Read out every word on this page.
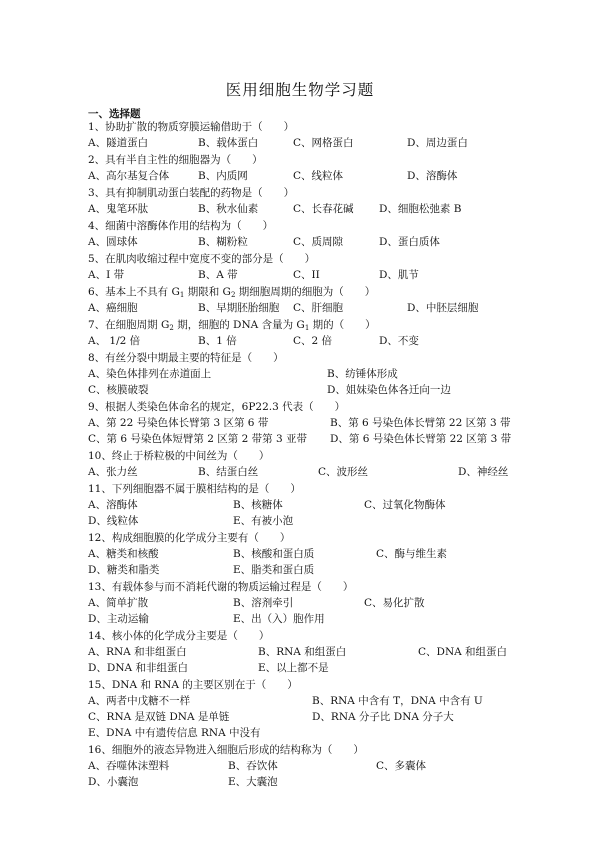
医用细胞生物学习题
一、选择题
1、协助扩散的物质穿膜运输借助于（　　）
A、隧道蛋白	B、载体蛋白	C、网格蛋白	D、周边蛋白
2、具有半自主性的细胞器为（　　）
A、高尔基复合体	B、内质网	C、线粒体	D、溶酶体
3、具有抑制肌动蛋白装配的药物是（　　）
A、鬼笔环肽	B、秋水仙素	C、长春花碱 D、细胞松弛素 B
4、细菌中溶酶体作用的结构为（　　）
A、圆球体	B、糊粉粒	C、质周隙	D、蛋白质体
5、在肌肉收缩过程中宽度不变的部分是（　　）
A、I 带	B、A 带	C、II	D、肌节
6、基本上不具有 $G_1$ 期限和 $G_2$ 期细胞周期的细胞为（　　）
A、癌细胞	B、早期胚胎细胞 C、肝细胞	D、中胚层细胞
7、在细胞周期 $G_2$ 期，细胞的 DNA 含量为 $G_1$ 期的（　　）
A、 1/2 倍	B、1 倍	C、2 倍	D、不变
8、有丝分裂中期最主要的特征是（　　）
A、染色体排列在赤道面上	B、纺锤体形成
C、核膜破裂	D、姐妹染色体各迁向一边
9、根据人类染色体命名的规定，6P22.3 代表（　　）
A、第 22 号染色体长臂第 3 区第 6 带	B、第 6 号染色体长臂第 22 区第 3 带
C、第 6 号染色体短臂第 2 区第 2 带第 3 亚带 D、第 6 号染色体长臂第 22 区第 3 带
10、终止于桥粒极的中间丝为（　　）
A、张力丝	B、结蛋白丝	C、波形丝	D、神经丝
11、下列细胞器不属于膜相结构的是（　　）
A、溶酶体	B、核糖体	C、过氧化物酶体
D、线粒体	E、有被小泡
12、构成细胞膜的化学成分主要有（　　）
A、糖类和核酸	B、核酸和蛋白质	C、酶与维生素
D、糖类和脂类	E、脂类和蛋白质
13、有载体参与而不消耗代谢的物质运输过程是（　　）
A、简单扩散	B、溶剂牵引	C、易化扩散
D、主动运输	E、出（入）胞作用
14、核小体的化学成分主要是（　　）
A、RNA 和非组蛋白	B、RNA 和组蛋白	C、DNA 和组蛋白
D、DNA 和非组蛋白	E、以上都不是
15、DNA 和 RNA 的主要区别在于（　　）
A、两者中戊糖不一样	B、RNA 中含有 T，DNA 中含有 U
C、RNA 是双链 DNA 是单链	D、RNA 分子比 DNA 分子大
E、DNA 中有遗传信息 RNA 中没有
16、细胞外的液态异物进入细胞后形成的结构称为（　　）
A、吞噬体沫塑料	B、吞饮体	C、多囊体
D、小囊泡	E、大囊泡
